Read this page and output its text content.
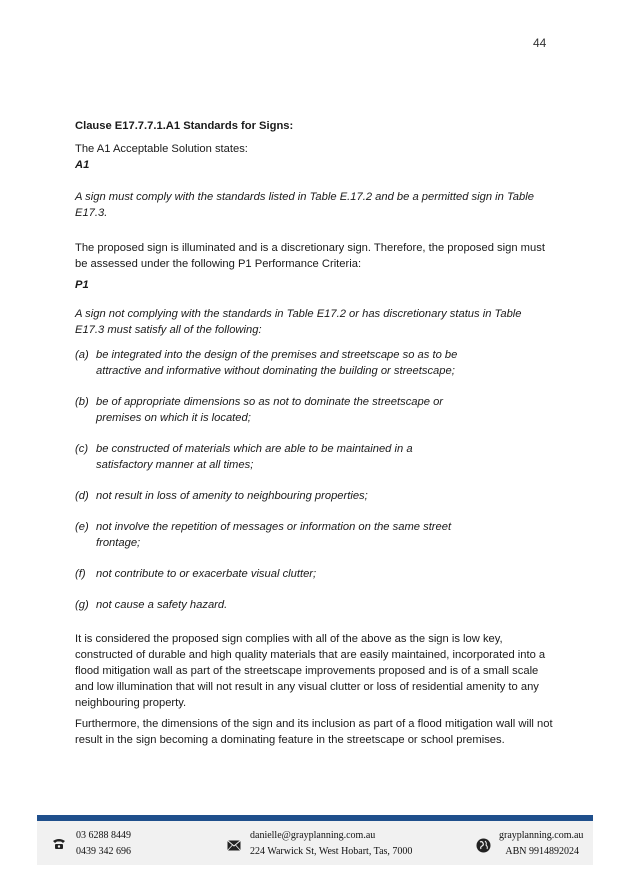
44

Clause E17.7.7.1.A1 Standards for Signs:

The A1 Acceptable Solution states:

A1

A sign must comply with the standards listed in Table E.17.2 and be a permitted sign in Table E17.3.

The proposed sign is illuminated and is a discretionary sign. Therefore, the proposed sign must be assessed under the following P1 Performance Criteria:

P1

A sign not complying with the standards in Table E17.2 or has discretionary status in Table E17.3 must satisfy all of the following:

(a) be integrated into the design of the premises and streetscape so as to be attractive and informative without dominating the building or streetscape;
(b) be of appropriate dimensions so as not to dominate the streetscape or premises on which it is located;
(c) be constructed of materials which are able to be maintained in a satisfactory manner at all times;
(d) not result in loss of amenity to neighbouring properties;
(e) not involve the repetition of messages or information on the same street frontage;
(f) not contribute to or exacerbate visual clutter;
(g) not cause a safety hazard.

It is considered the proposed sign complies with all of the above as the sign is low key, constructed of durable and high quality materials that are easily maintained, incorporated into a flood mitigation wall as part of the streetscape improvements proposed and is of a small scale and low illumination that will not result in any visual clutter or loss of residential amenity to any neighbouring property.

Furthermore, the dimensions of the sign and its inclusion as part of a flood mitigation wall will not result in the sign becoming a dominating feature in the streetscape or school premises.

03 6288 8449
0439 342 696
danielle@grayplanning.com.au
224 Warwick St, West Hobart, Tas, 7000
grayplanning.com.au
ABN 9914892024
